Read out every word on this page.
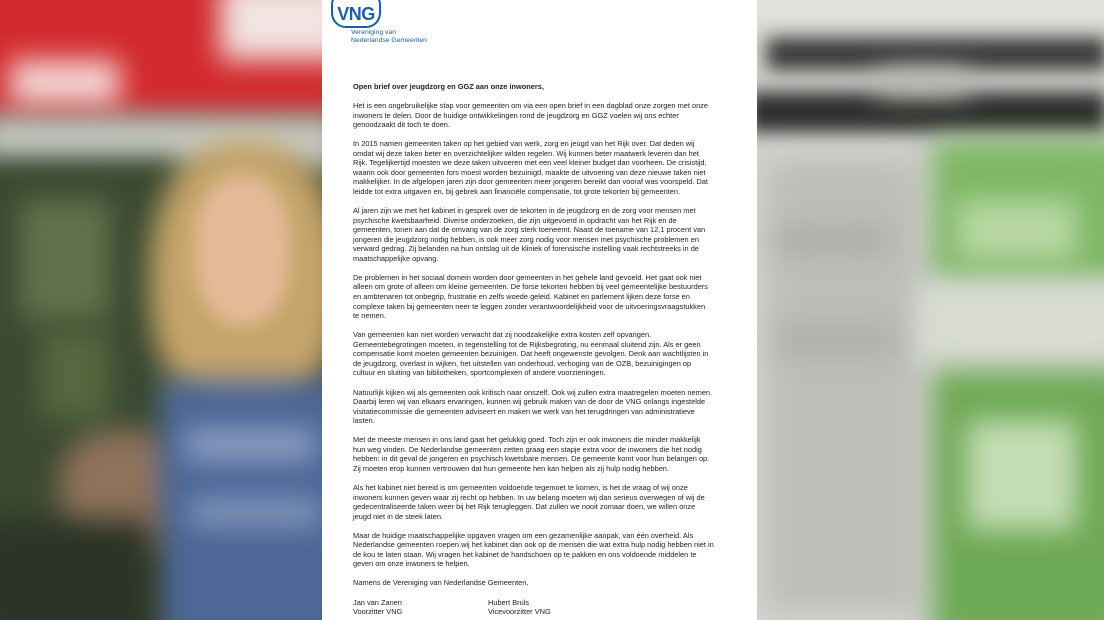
VNG
Vereniging van
Nederlandse Gemeenten
Open brief over jeugdzorg en GGZ aan onze inwoners,
Het is een ongebruikelijke stap voor gemeenten om via een open brief in een dagblad onze zorgen met onze
inwoners te delen. Door de huidige ontwikkelingen rond de jeugdzorg en GGZ voelen wij ons echter
genoodzaakt dit toch te doen.
In 2015 namen gemeenten taken op het gebied van werk, zorg en jeugd van het Rijk over. Dat deden wij
omdat wij deze taken beter en overzichtelijker wilden regelen. Wij kunnen beter maatwerk leveren dan het
Rijk. Tegelijkertijd moesten we deze taken uitvoeren met een veel kleiner budget dan voorheen. De crisistijd,
waarin ook door gemeenten fors moest worden bezuinigd, maakte de uitvoering van deze nieuwe taken niet
makkelijker. In de afgelopen jaren zijn door gemeenten meer jongeren bereikt dan vooraf was voorspeld. Dat
leidde tot extra uitgaven en, bij gebrek aan financiële compensatie, tot grote tekorten bij gemeenten.
Al jaren zijn we met het kabinet in gesprek over de tekorten in de jeugdzorg en de zorg voor mensen met
psychische kwetsbaarheid. Diverse onderzoeken, die zijn uitgevoerd in opdracht van het Rijk en de
gemeenten, tonen aan dat de omvang van de zorg sterk toeneemt. Naast de toename van 12,1 procent van
jongeren die jeugdzorg nodig hebben, is ook meer zorg nodig voor mensen met psychische problemen en
verward gedrag. Zij belanden na hun ontslag uit de kliniek of forensische instelling vaak rechtstreeks in de
maatschappelijke opvang.
De problemen in het sociaal domein worden door gemeenten in het gehele land gevoeld. Het gaat ook niet
alleen om grote of alleen om kleine gemeenten. De forse tekorten hebben bij veel gemeentelijke bestuurders
en ambtenaren tot onbegrip, frustratie en zelfs woede geleid. Kabinet en parlement lijken deze forse en
complexe taken bij gemeenten neer te leggen zonder verantwoordelijkheid voor de uitvoeringsvraagstukken
te nemen.
Van gemeenten kan niet worden verwacht dat zij noodzakelijke extra kosten zelf opvangen.
Gemeentebegrotingen moeten, in tegenstelling tot de Rijksbegroting, nu eenmaal sluitend zijn. Als er geen
compensatie komt moeten gemeenten bezuinigen. Dat heeft ongewenste gevolgen. Denk aan wachtlijsten in
de jeugdzorg, overlast in wijken, het uitstellen van onderhoud, verhoging van de OZB, bezuinigingen op
cultuur en sluiting van bibliotheken, sportcomplexen of andere voorzieningen.
Natuurlijk kijken wij als gemeenten ook kritisch naar onszelf. Ook wij zullen extra maatregelen moeten nemen.
Daarbij leren wij van elkaars ervaringen, kunnen wij gebruik maken van de door de VNG onlangs ingestelde
visitatiecommissie die gemeenten adviseert en maken we werk van het terugdringen van administratieve
lasten.
Met de meeste mensen in ons land gaat het gelukkig goed. Toch zijn er ook inwoners die minder makkelijk
hun weg vinden. De Nederlandse gemeenten zetten graag een stapje extra voor de inwoners die het nodig
hebben: in dit geval de jongeren en psychisch kwetsbare mensen. De gemeente komt voor hun belangen op.
Zij moeten erop kunnen vertrouwen dat hun gemeente hen kan helpen als zij hulp nodig hebben.
Als het kabinet niet bereid is om gemeenten voldoende tegemoet te komen, is het de vraag of wij onze
inwoners kunnen geven waar zij recht op hebben. In uw belang moeten wij dan serieus overwegen of wij de
gedecentraliseerde taken weer bij het Rijk terugleggen. Dat zullen we nooit zomaar doen, we willen onze
jeugd niet in de steek laten.
Maar de huidige maatschappelijke opgaven vragen om een gezamenlijke aanpak, van één overheid. Als
Nederlandse gemeenten roepen wij het kabinet dan ook op de mensen die wat extra hulp nodig hebben niet in
de kou te laten staan. Wij vragen het kabinet de handschoen op te pakken en ons voldoende middelen te
geven om onze inwoners te helpen.
Namens de Vereniging van Nederlandse Gemeenten,
Jan van Zanen
Voorzitter VNG
Hubert Bruls
Vicevoorzitter VNG
